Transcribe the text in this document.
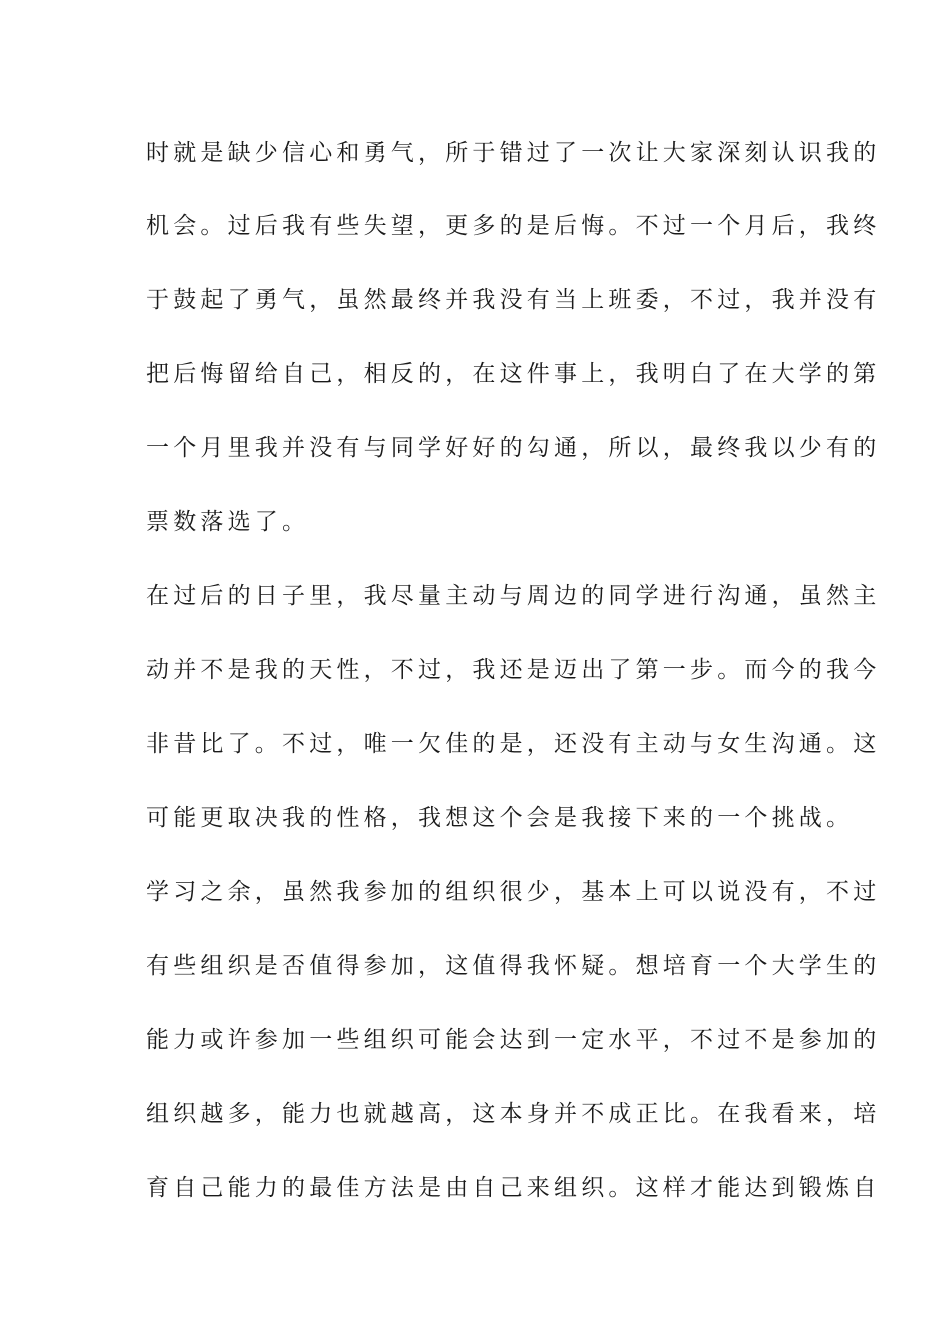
时就是缺少信心和勇气，所于错过了一次让大家深刻认识我的
机会。过后我有些失望，更多的是后悔。不过一个月后，我终
于鼓起了勇气，虽然最终并我没有当上班委，不过，我并没有
把后悔留给自己，相反的，在这件事上，我明白了在大学的第
一个月里我并没有与同学好好的勾通，所以，最终我以少有的
票数落选了。
在过后的日子里，我尽量主动与周边的同学进行沟通，虽然主
动并不是我的天性，不过，我还是迈出了第一步。而今的我今
非昔比了。不过，唯一欠佳的是，还没有主动与女生沟通。这
可能更取决我的性格，我想这个会是我接下来的一个挑战。
学习之余，虽然我参加的组织很少，基本上可以说没有，不过
有些组织是否值得参加，这值得我怀疑。想培育一个大学生的
能力或许参加一些组织可能会达到一定水平，不过不是参加的
组织越多，能力也就越高，这本身并不成正比。在我看来，培
育自己能力的最佳方法是由自己来组织。这样才能达到锻炼自
